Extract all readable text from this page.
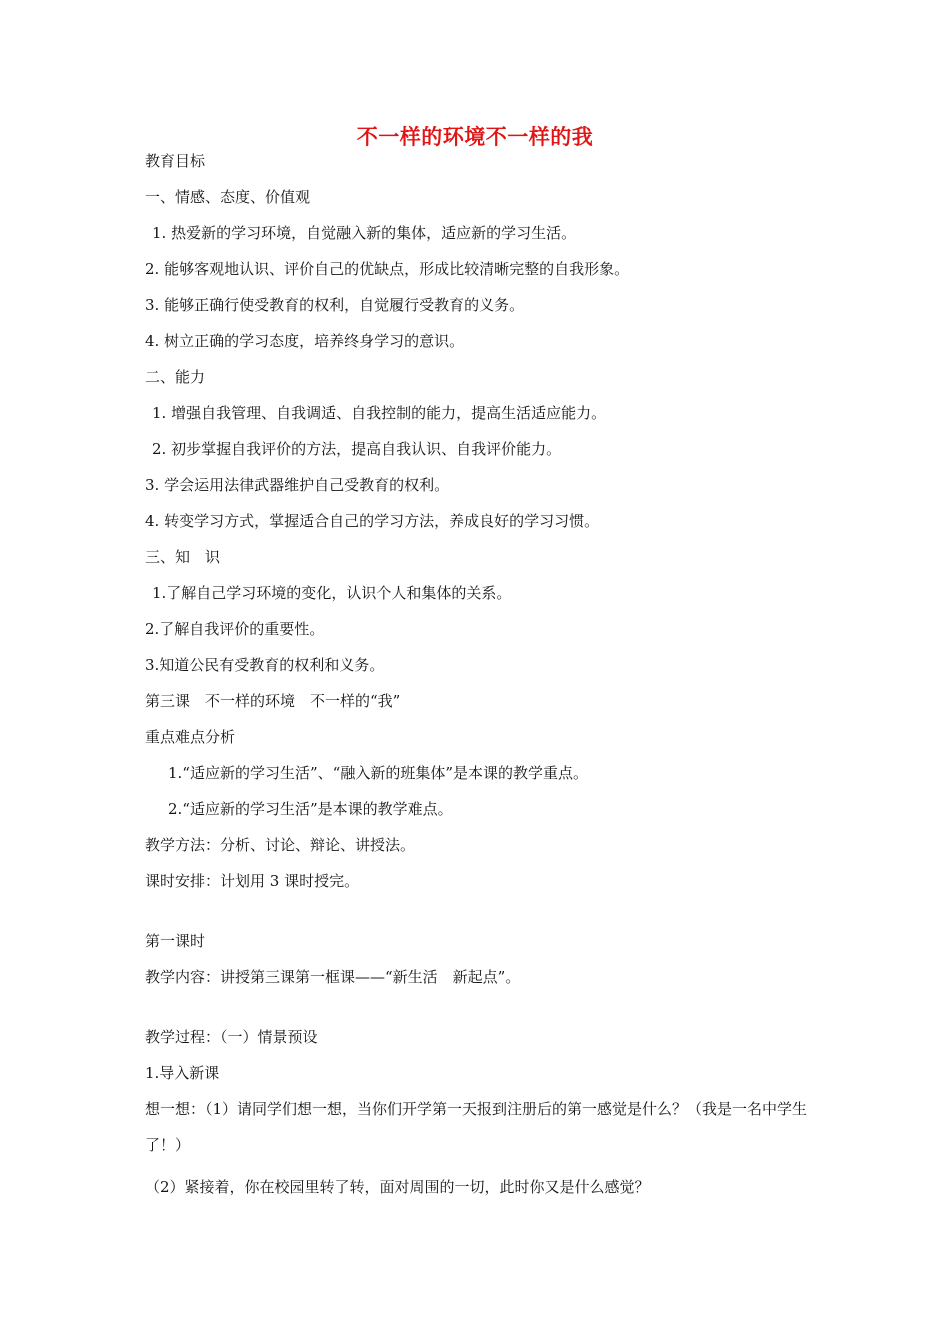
不一样的环境不一样的我
教育目标
一、情感、态度、价值观
1. 热爱新的学习环境，自觉融入新的集体，适应新的学习生活。
2. 能够客观地认识、评价自己的优缺点，形成比较清晰完整的自我形象。
3. 能够正确行使受教育的权利，自觉履行受教育的义务。
4. 树立正确的学习态度，培养终身学习的意识。
二、能力
1. 增强自我管理、自我调适、自我控制的能力，提高生活适应能力。
2. 初步掌握自我评价的方法，提高自我认识、自我评价能力。
3. 学会运用法律武器维护自己受教育的权利。
4. 转变学习方式，掌握适合自己的学习方法，养成良好的学习习惯。
三、知　识
1.了解自己学习环境的变化，认识个人和集体的关系。
2.了解自我评价的重要性。
3.知道公民有受教育的权利和义务。
第三课　不一样的环境　不一样的“我”
重点难点分析
1.“适应新的学习生活”、“融入新的班集体”是本课的教学重点。
2.“适应新的学习生活”是本课的教学难点。
教学方法：分析、讨论、辩论、讲授法。
课时安排：计划用 3 课时授完。
第一课时
教学内容：讲授第三课第一框课——“新生活　新起点”。
教学过程：（一）情景预设
1.导入新课
想一想：（1）请同学们想一想，当你们开学第一天报到注册后的第一感觉是什么？（我是一名中学生了！）
（2）紧接着，你在校园里转了转，面对周围的一切，此时你又是什么感觉？
